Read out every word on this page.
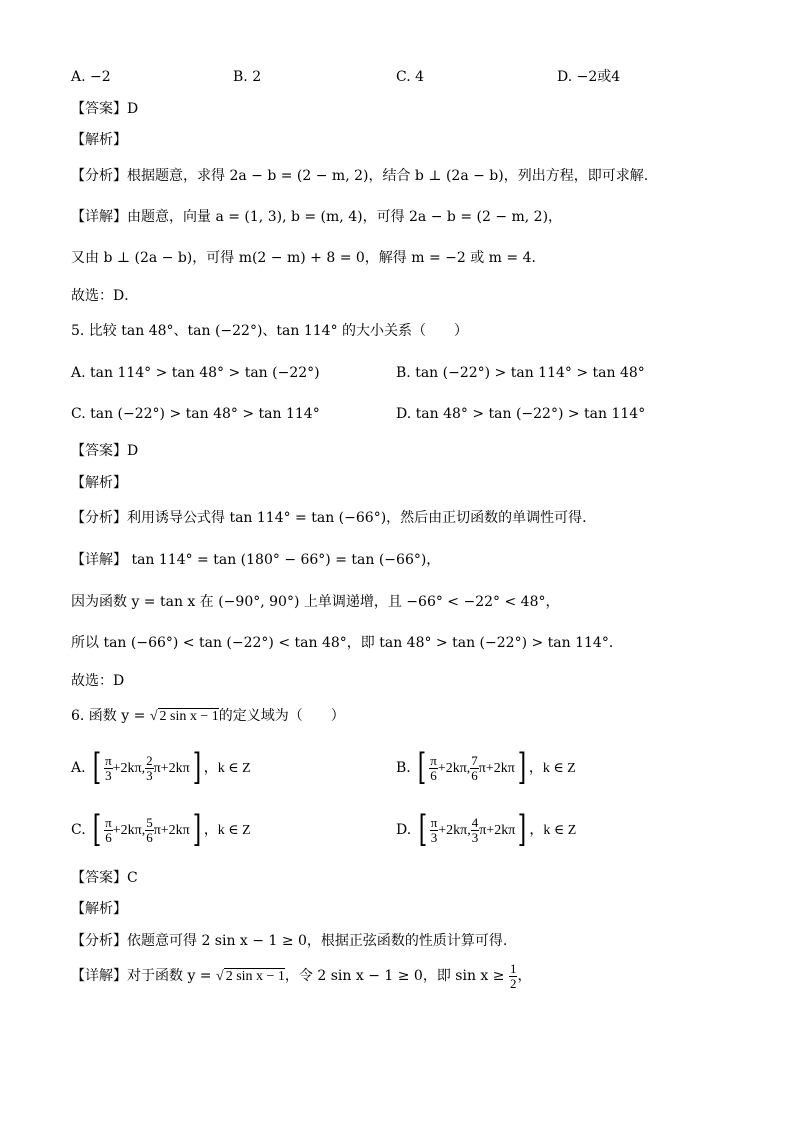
A. −2	B. 2	C. 4	D. −2或4
【答案】D
【解析】
【分析】根据题意，求得 2a − b = (2 − m, 2)，结合 b ⊥ (2a − b)，列出方程，即可求解.
【详解】由题意，向量 a = (1, 3), b = (m, 4)，可得 2a − b = (2 − m, 2)，
又由 b ⊥ (2a − b)，可得 m(2 − m) + 8 = 0，解得 m = −2 或 m = 4．
故选：D．
5. 比较 tan 48°、tan (−22°)、tan 114° 的大小关系（　　）
A. tan 114° > tan 48° > tan (−22°)	B. tan (−22°) > tan 114° > tan 48°
C. tan (−22°) > tan 48° > tan 114°	D. tan 48° > tan (−22°) > tan 114°
【答案】D
【解析】
【分析】利用诱导公式得 tan 114° = tan (−66°)，然后由正切函数的单调性可得.
【详解】 tan 114° = tan (180° − 66°) = tan (−66°)，
因为函数 y = tan x 在 (−90°, 90°) 上单调递增，且 −66° < −22° < 48°，
所以 tan (−66°) < tan (−22°) < tan 48°，即 tan 48° > tan (−22°) > tan 114°．
故选：D
6. 函数 y = √ 2 sin x − 1的定义域为（　　）
A. [ $\frac{\pi}{3} +2k\pi$, $\frac{2}{3} \pi+2k\pi$] ，k ∈ Z	B. [ $\frac{\pi}{6} +2k\pi$, $\frac{7}{6} \pi+2k\pi$] ，k ∈ Z
C. [ $\frac{\pi}{6} +2k\pi$, $\frac{5}{6} \pi+2k\pi$] ，k ∈ Z	D. [ $\frac{\pi}{3} +2k\pi$, $\frac{4}{3} \pi+2k\pi$] ，k ∈ Z
【答案】C
【解析】
【分析】依题意可得 2 sin x − 1 ≥ 0，根据正弦函数的性质计算可得.
【详解】对于函数 y = √ 2 sin x − 1，令 2 sin x − 1 ≥ 0，即 $\sin x \ge \frac{1}{2}$ ，
